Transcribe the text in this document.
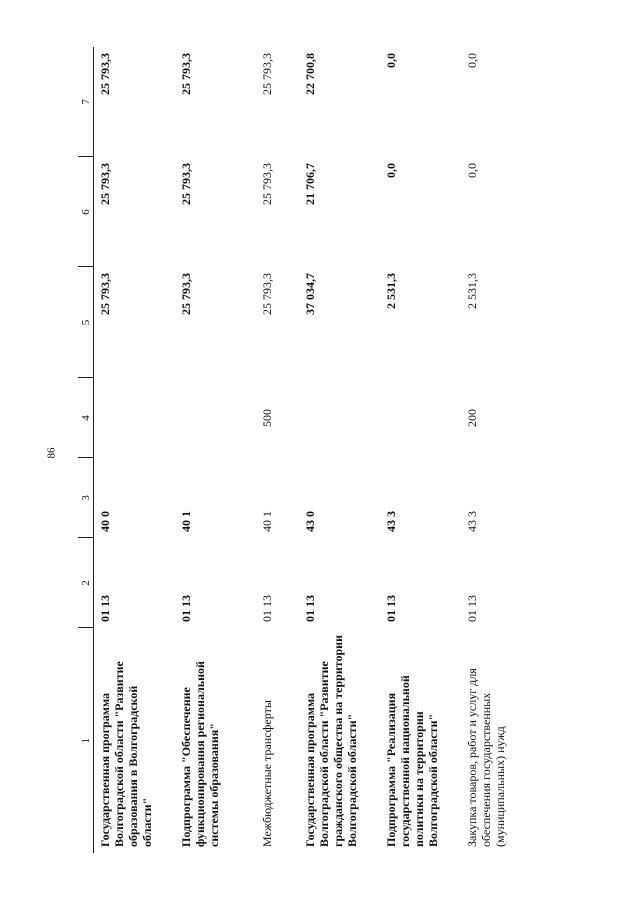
86
1	2	3	4	5	6	7
Государственная программа Волгоградской области "Развитие образования в Волгоградской области"	01 13	40 0		25 793,3	25 793,3	25 793,3
Подпрограмма "Обеспечение функционирования региональной системы образования"	01 13	40 1		25 793,3	25 793,3	25 793,3
Межбюджетные трансферты	01 13	40 1	500	25 793,3	25 793,3	25 793,3
Государственная программа Волгоградской области "Развитие гражданского общества на территории Волгоградской области"	01 13	43 0		37 034,7	21 706,7	22 700,8
Подпрограмма "Реализация государственной национальной политики на территории Волгоградской области"	01 13	43 3		2 531,3	0,0	0,0
Закупка товаров, работ и услуг для обеспечения государственных (муниципальных) нужд	01 13	43 3	200	2 531,3	0,0	0,0
